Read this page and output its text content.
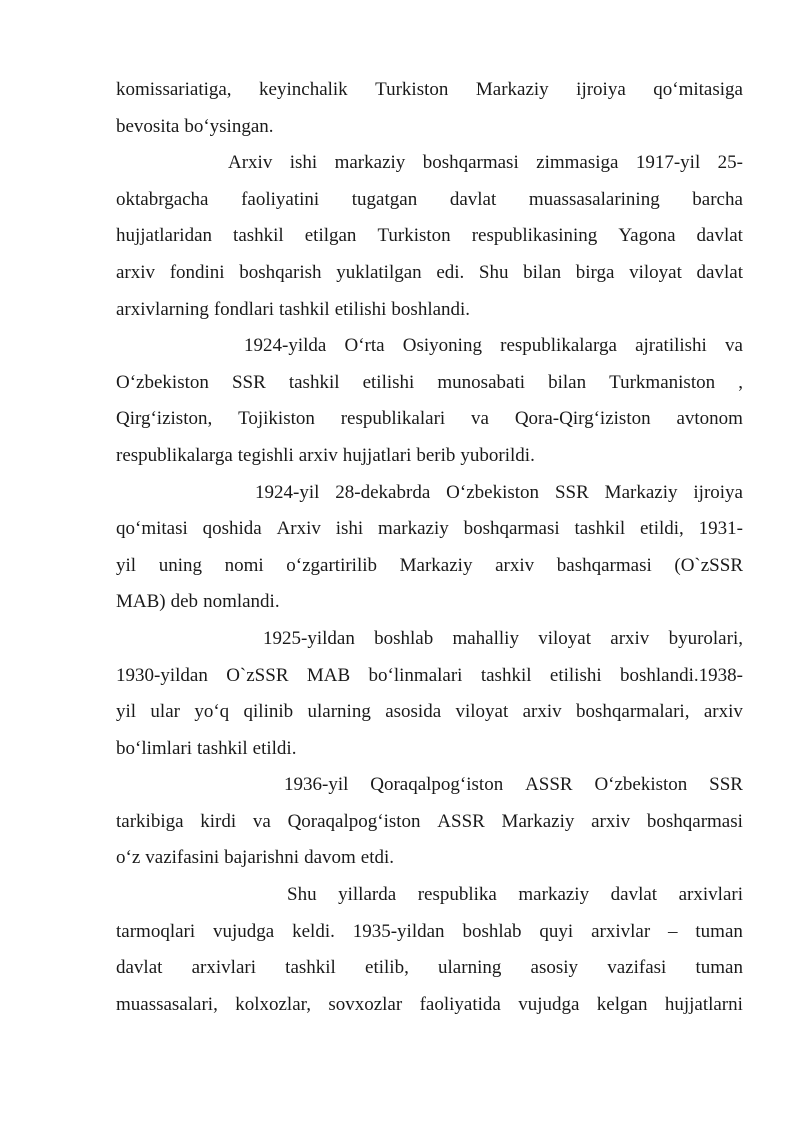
komissariatiga, keyinchalik Turkiston Markaziy ijroiya qo‘mitasiga
bevosita bo‘ysingan.
Arxiv ishi markaziy boshqarmasi zimmasiga 1917-yil 25-
oktabrgacha faoliyatini tugatgan davlat muassasalarining barcha
hujjatlaridan tashkil etilgan Turkiston respublikasining Yagona davlat
arxiv fondini boshqarish yuklatilgan edi. Shu bilan birga viloyat davlat
arxivlarning fondlari tashkil etilishi boshlandi.
1924-yilda O‘rta Osiyoning respublikalarga ajratilishi va
O‘zbekiston SSR tashkil etilishi munosabati bilan Turkmaniston ,
Qirg‘iziston, Tojikiston respublikalari va Qora-Qirg‘iziston avtonom
respublikalarga tegishli arxiv hujjatlari berib yuborildi.
1924-yil 28-dekabrda O‘zbekiston SSR Markaziy ijroiya
qo‘mitasi qoshida Arxiv ishi markaziy boshqarmasi tashkil etildi, 1931-
yil uning nomi o‘zgartirilib Markaziy arxiv bashqarmasi (O`zSSR
MAB) deb nomlandi.
1925-yildan boshlab mahalliy viloyat arxiv byurolari,
1930-yildan O`zSSR MAB bo‘linmalari tashkil etilishi boshlandi.1938-
yil ular yo‘q qilinib ularning asosida viloyat arxiv boshqarmalari, arxiv
bo‘limlari tashkil etildi.
1936-yil Qoraqalpog‘iston ASSR O‘zbekiston SSR
tarkibiga kirdi va Qoraqalpog‘iston ASSR Markaziy arxiv boshqarmasi
o‘z vazifasini bajarishni davom etdi.
Shu yillarda respublika markaziy davlat arxivlari
tarmoqlari vujudga keldi. 1935-yildan boshlab quyi arxivlar – tuman
davlat arxivlari tashkil etilib, ularning asosiy vazifasi tuman
muassasalari, kolxozlar, sovxozlar faoliyatida vujudga kelgan hujjatlarni
